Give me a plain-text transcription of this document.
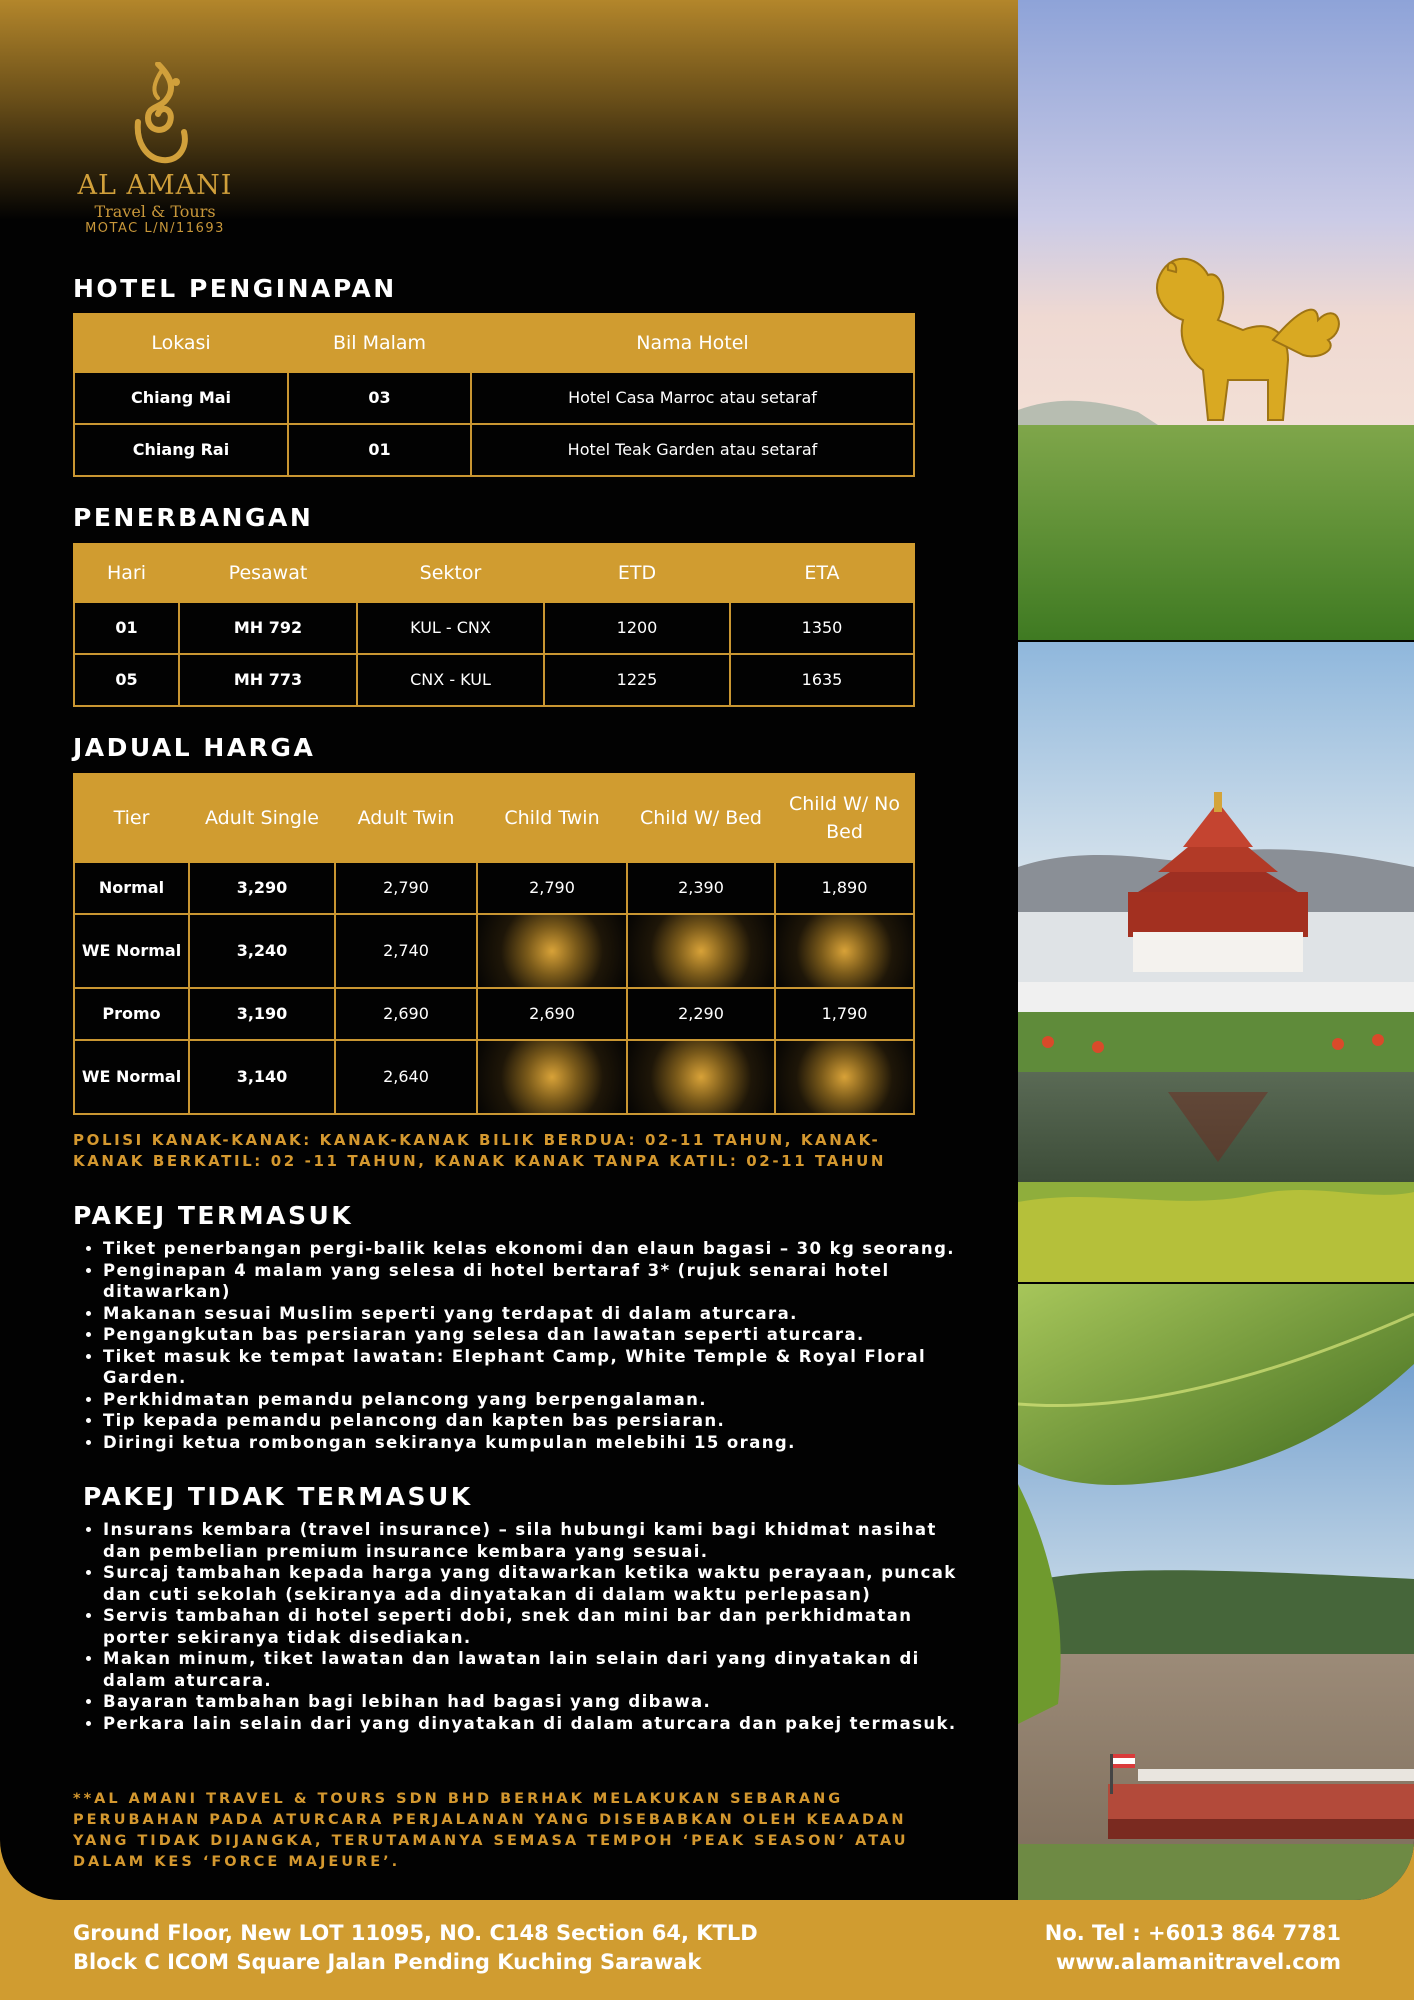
AL AMANI
Travel & Tours
MOTAC L/N/11693
HOTEL PENGINAPAN
Lokasi	Bil Malam	Nama Hotel
Chiang Mai	03	Hotel Casa Marroc atau setaraf
Chiang Rai	01	Hotel Teak Garden atau setaraf
PENERBANGAN
Hari	Pesawat	Sektor	ETD	ETA
01	MH 792	KUL - CNX	1200	1350
05	MH 773	CNX - KUL	1225	1635
JADUAL HARGA
Tier	Adult Single	Adult Twin	Child Twin	Child W/ Bed	Child W/ No Bed
Normal	3,290	2,790	2,790	2,390	1,890
WE Normal	3,240	2,740			
Promo	3,190	2,690	2,690	2,290	1,790
WE Normal	3,140	2,640			
POLISI KANAK-KANAK: KANAK-KANAK BILIK BERDUA: 02-11 TAHUN, KANAK-KANAK BERKATIL: 02 -11 TAHUN, KANAK KANAK TANPA KATIL: 02-11 TAHUN
PAKEJ TERMASUK
• Tiket penerbangan pergi-balik kelas ekonomi dan elaun bagasi – 30 kg seorang.
• Penginapan 4 malam yang selesa di hotel bertaraf 3* (rujuk senarai hotel ditawarkan)
• Makanan sesuai Muslim seperti yang terdapat di dalam aturcara.
• Pengangkutan bas persiaran yang selesa dan lawatan seperti aturcara.
• Tiket masuk ke tempat lawatan: Elephant Camp, White Temple & Royal Floral Garden.
• Perkhidmatan pemandu pelancong yang berpengalaman.
• Tip kepada pemandu pelancong dan kapten bas persiaran.
• Diringi ketua rombongan sekiranya kumpulan melebihi 15 orang.
PAKEJ TIDAK TERMASUK
• Insurans kembara (travel insurance) – sila hubungi kami bagi khidmat nasihat dan pembelian premium insurance kembara yang sesuai.
• Surcaj tambahan kepada harga yang ditawarkan ketika waktu perayaan, puncak dan cuti sekolah (sekiranya ada dinyatakan di dalam waktu perlepasan)
• Servis tambahan di hotel seperti dobi, snek dan mini bar dan perkhidmatan porter sekiranya tidak disediakan.
• Makan minum, tiket lawatan dan lawatan lain selain dari yang dinyatakan di dalam aturcara.
• Bayaran tambahan bagi lebihan had bagasi yang dibawa.
• Perkara lain selain dari yang dinyatakan di dalam aturcara dan pakej termasuk.
**AL AMANI TRAVEL & TOURS SDN BHD BERHAK MELAKUKAN SEBARANG PERUBAHAN PADA ATURCARA PERJALANAN YANG DISEBABKAN OLEH KEAADAN YANG TIDAK DIJANGKA, TERUTAMANYA SEMASA TEMPOH ‘PEAK SEASON’ ATAU DALAM KES ‘FORCE MAJEURE’.
Ground Floor, New LOT 11095, NO. C148 Section 64, KTLD
Block C ICOM Square Jalan Pending Kuching Sarawak
No. Tel : +6013 864 7781
www.alamanitravel.com
